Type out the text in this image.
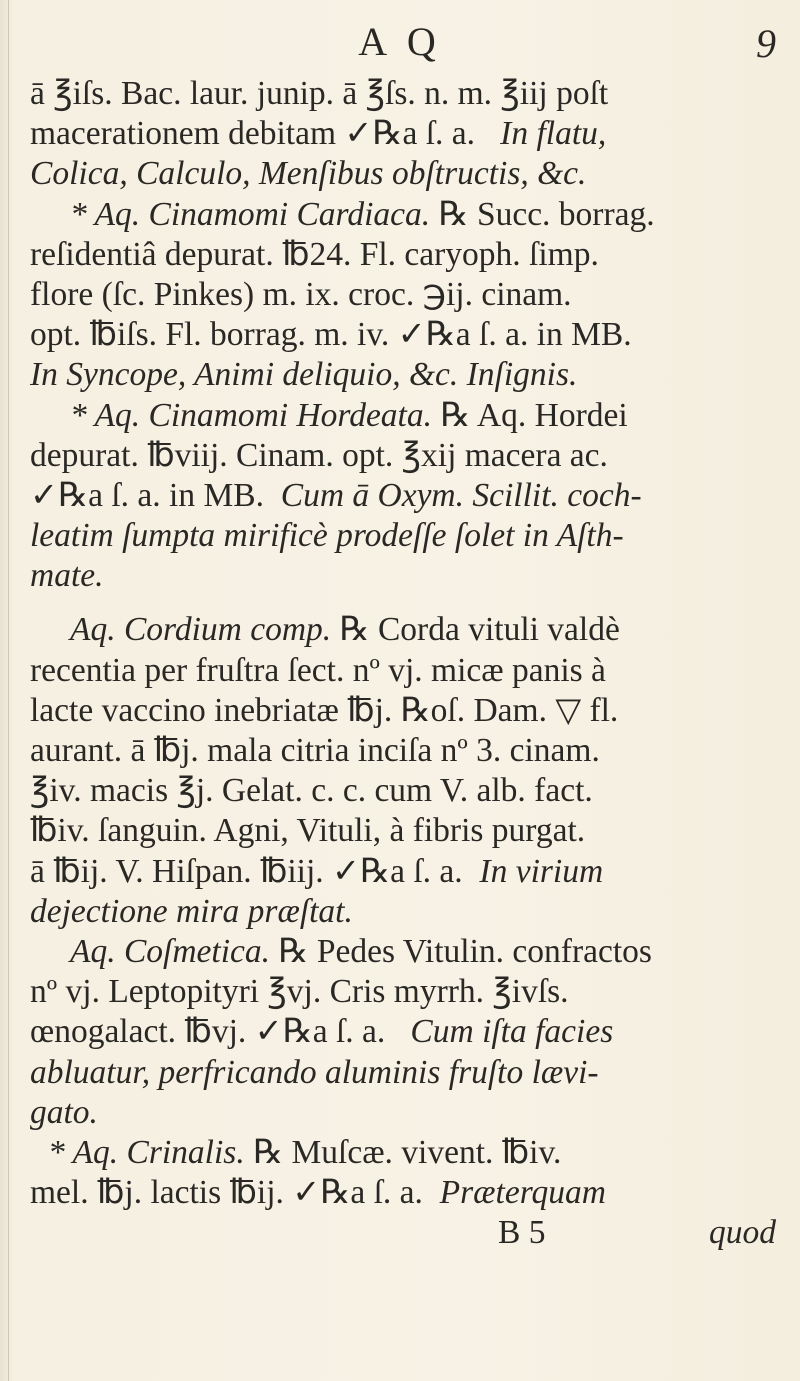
A Q	9
ā ℥iſs. Bac. laur. junip. ā ℥ſs. n. m. ℥iij poſt
macerationem debitam ✓℞a ſ. a. In flatu,
Colica, Calculo, Menſibus obſtructis, &c.
* Aq. Cinamomi Cardiaca. ℞ Succ. borrag.
reſidentiâ depurat. ℔24. Fl. caryoph. ſimp.
flore (ſc. Pinkes) m. ix. croc. ℈ij. cinam.
opt. ℔iſs. Fl. borrag. m. iv. ✓℞a ſ. a. in MB.
In Syncope, Animi deliquio, &c. Inſignis.
* Aq. Cinamomi Hordeata. ℞ Aq. Hordei
depurat. ℔viij. Cinam. opt. ℥xij macera ac.
✓℞a ſ. a. in MB. Cum ā Oxym. Scillit. coch-
leatim ſumpta mirificè prodeſſe ſolet in Aſth-
mate.
Aq. Cordium comp. ℞ Corda vituli valdè
recentia per fruſtra ſect. nº vj. micæ panis à
lacte vaccino inebriatæ ℔j. ℞oſ. Dam. ▽ fl.
aurant. ā ℔j. mala citria inciſa nº 3. cinam.
℥iv. macis ℥j. Gelat. c. c. cum V. alb. fact.
℔iv. ſanguin. Agni, Vituli, à fibris purgat.
ā ℔ij. V. Hiſpan. ℔iij. ✓℞a ſ. a. In virium
dejectione mira præſtat.
Aq. Coſmetica. ℞ Pedes Vitulin. confractos
nº vj. Leptopityri ℥vj. Cris myrrh. ℥ivſs.
œnogalact. ℔vj. ✓℞a ſ. a. Cum iſta facies
abluatur, perfricando aluminis fruſto lævi-
gato.
* Aq. Crinalis. ℞ Muſcæ. vivent. ℔iv.
mel. ℔j. lactis ℔ij. ✓℞a ſ. a. Præterquam
B 5	quod
